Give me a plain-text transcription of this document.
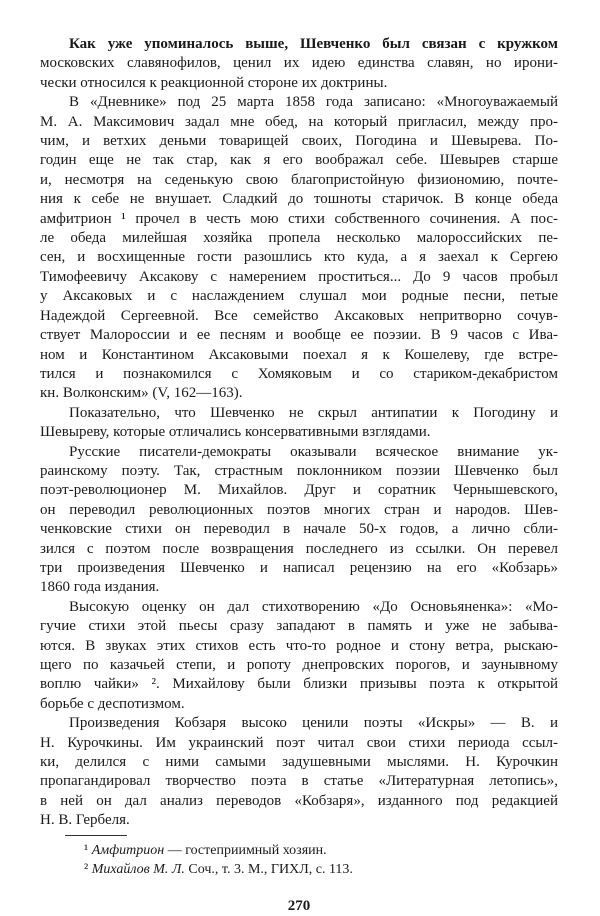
Как уже упоминалось выше, Шевченко был связан с кружком
московских славянофилов, ценил их идею единства славян, но ирони-
чески относился к реакционной стороне их доктрины.
В «Дневнике» под 25 марта 1858 года записано: «Многоуважаемый
М. А. Максимович задал мне обед, на который пригласил, между про-
чим, и ветхих деньми товарищей своих, Погодина и Шевырева. По-
годин еще не так стар, как я его воображал себе. Шевырев старше
и, несмотря на седенькую свою благопристойную физиономию, почте-
ния к себе не внушает. Сладкий до тошноты старичок. В конце обеда
амфитрион ¹ прочел в честь мою стихи собственного сочинения. А пос-
ле обеда милейшая хозяйка пропела несколько малороссийских пе-
сен, и восхищенные гости разошлись кто куда, а я заехал к Сергею
Тимофеевичу Аксакову с намерением проститься... До 9 часов пробыл
у Аксаковых и с наслаждением слушал мои родные песни, петые
Надеждой Сергеевной. Все семейство Аксаковых непритворно сочув-
ствует Малороссии и ее песням и вообще ее поэзии. В 9 часов с Ива-
ном и Константином Аксаковыми поехал я к Кошелеву, где встре-
тился и познакомился с Хомяковым и со стариком-декабристом
кн. Волконским» (V, 162—163).
Показательно, что Шевченко не скрыл антипатии к Погодину и
Шевыреву, которые отличались консервативными взглядами.
Русские писатели-демократы оказывали всяческое внимание ук-
раинскому поэту. Так, страстным поклонником поэзии Шевченко был
поэт-революционер М. Михайлов. Друг и соратник Чернышевского,
он переводил революционных поэтов многих стран и народов. Шев-
ченковские стихи он переводил в начале 50-х годов, а лично сбли-
зился с поэтом после возвращения последнего из ссылки. Он перевел
три произведения Шевченко и написал рецензию на его «Кобзарь»
1860 года издания.
Высокую оценку он дал стихотворению «До Основьяненка»: «Мо-
гучие стихи этой пьесы сразу западают в память и уже не забыва-
ются. В звуках этих стихов есть что-то родное и стону ветра, рыскаю-
щего по казачьей степи, и ропоту днепровских порогов, и заунывному
воплю чайки» ². Михайлову были близки призывы поэта к открытой
борьбе с деспотизмом.
Произведения Кобзаря высоко ценили поэты «Искры» — В. и
Н. Курочкины. Им украинский поэт читал свои стихи периода ссыл-
ки, делился с ними самыми задушевными мыслями. Н. Курочкин
пропагандировал творчество поэта в статье «Литературная летопись»,
в ней он дал анализ переводов «Кобзаря», изданного под редакцией
Н. В. Гербеля.
¹ Амфитрион — гостеприимный хозяин.
² Михайлов М. Л. Соч., т. 3. М., ГИХЛ, с. 113.
270
